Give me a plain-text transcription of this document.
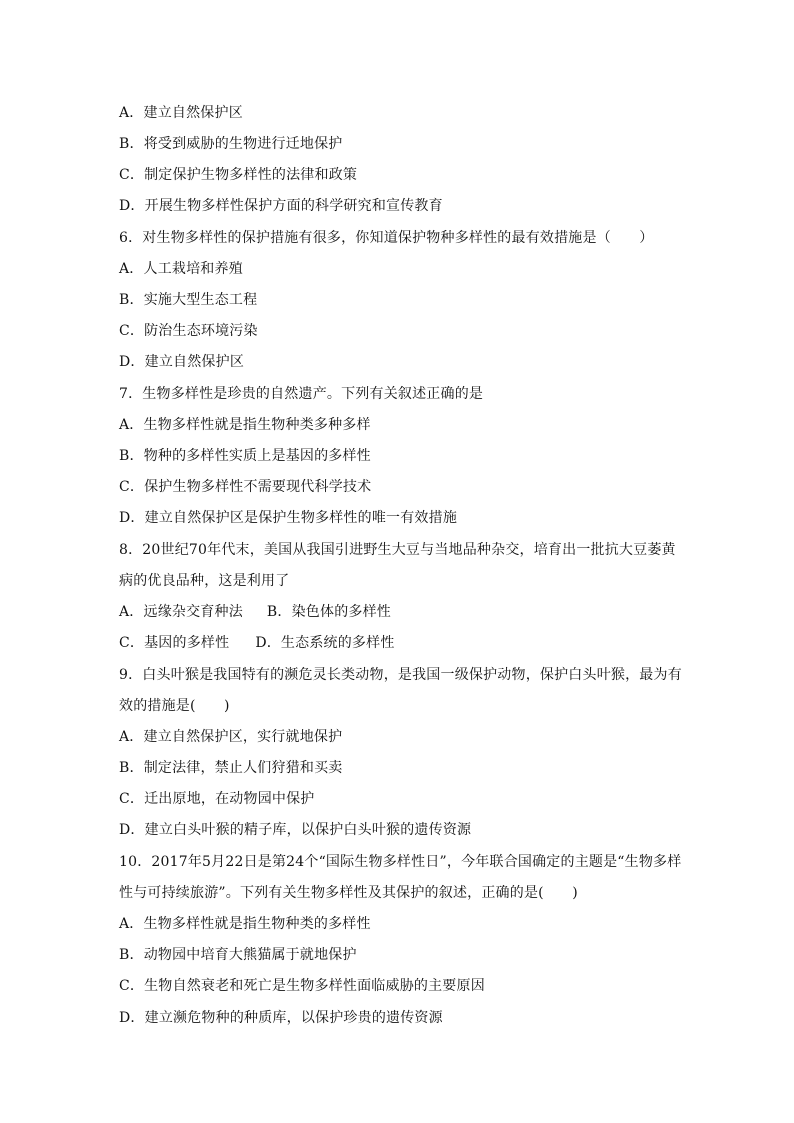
A．建立自然保护区
B．将受到威胁的生物进行迁地保护
C．制定保护生物多样性的法律和政策
D．开展生物多样性保护方面的科学研究和宣传教育
6．对生物多样性的保护措施有很多，你知道保护物种多样性的最有效措施是（　　）
A．人工栽培和养殖
B．实施大型生态工程
C．防治生态环境污染
D．建立自然保护区
7．生物多样性是珍贵的自然遗产。下列有关叙述正确的是
A．生物多样性就是指生物种类多种多样
B．物种的多样性实质上是基因的多样性
C．保护生物多样性不需要现代科学技术
D．建立自然保护区是保护生物多样性的唯一有效措施
8．20世纪70年代末，美国从我国引进野生大豆与当地品种杂交，培育出一批抗大豆萎黄
病的优良品种，这是利用了
A．远缘杂交育种法 B．染色体的多样性
C．基因的多样性 D．生态系统的多样性
9．白头叶猴是我国特有的濒危灵长类动物，是我国一级保护动物，保护白头叶猴，最为有
效的措施是(　　)
A．建立自然保护区，实行就地保护
B．制定法律，禁止人们狩猎和买卖
C．迁出原地，在动物园中保护
D．建立白头叶猴的精子库，以保护白头叶猴的遗传资源
10．2017年5月22日是第24个“国际生物多样性日”，今年联合国确定的主题是“生物多样
性与可持续旅游”。下列有关生物多样性及其保护的叙述，正确的是(　　)
A．生物多样性就是指生物种类的多样性
B．动物园中培育大熊猫属于就地保护
C．生物自然衰老和死亡是生物多样性面临威胁的主要原因
D．建立濒危物种的种质库，以保护珍贵的遗传资源
